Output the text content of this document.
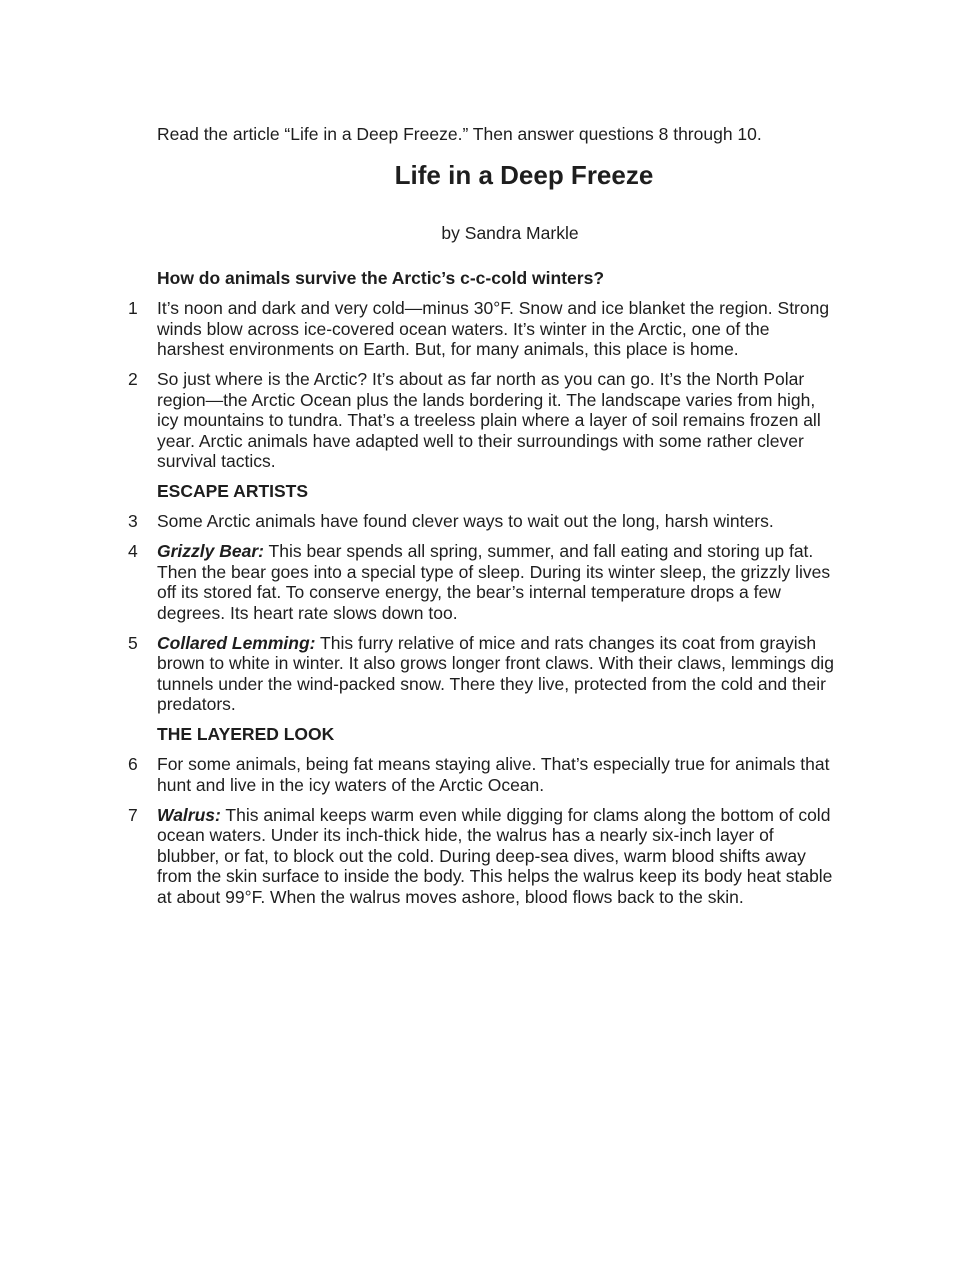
Read the article “Life in a Deep Freeze.” Then answer questions 8 through 10.
Life in a Deep Freeze
by Sandra Markle
How do animals survive the Arctic’s c-c-cold winters?
1	It’s noon and dark and very cold—minus 30°F. Snow and ice blanket the region. Strong
winds blow across ice-covered ocean waters. It’s winter in the Arctic, one of the
harshest environments on Earth. But, for many animals, this place is home.
2	So just where is the Arctic? It’s about as far north as you can go. It’s the North Polar
region—the Arctic Ocean plus the lands bordering it. The landscape varies from high,
icy mountains to tundra. That’s a treeless plain where a layer of soil remains frozen all
year. Arctic animals have adapted well to their surroundings with some rather clever
survival tactics.
ESCAPE ARTISTS
3	Some Arctic animals have found clever ways to wait out the long, harsh winters.
4	Grizzly Bear: This bear spends all spring, summer, and fall eating and storing up fat.
Then the bear goes into a special type of sleep. During its winter sleep, the grizzly lives
off its stored fat. To conserve energy, the bear’s internal temperature drops a few
degrees. Its heart rate slows down too.
5	Collared Lemming: This furry relative of mice and rats changes its coat from grayish
brown to white in winter. It also grows longer front claws. With their claws, lemmings dig
tunnels under the wind-packed snow. There they live, protected from the cold and their
predators.
THE LAYERED LOOK
6	For some animals, being fat means staying alive. That’s especially true for animals that
hunt and live in the icy waters of the Arctic Ocean.
7	Walrus: This animal keeps warm even while digging for clams along the bottom of cold
ocean waters. Under its inch-thick hide, the walrus has a nearly six-inch layer of
blubber, or fat, to block out the cold. During deep-sea dives, warm blood shifts away
from the skin surface to inside the body. This helps the walrus keep its body heat stable
at about 99°F. When the walrus moves ashore, blood flows back to the skin.
